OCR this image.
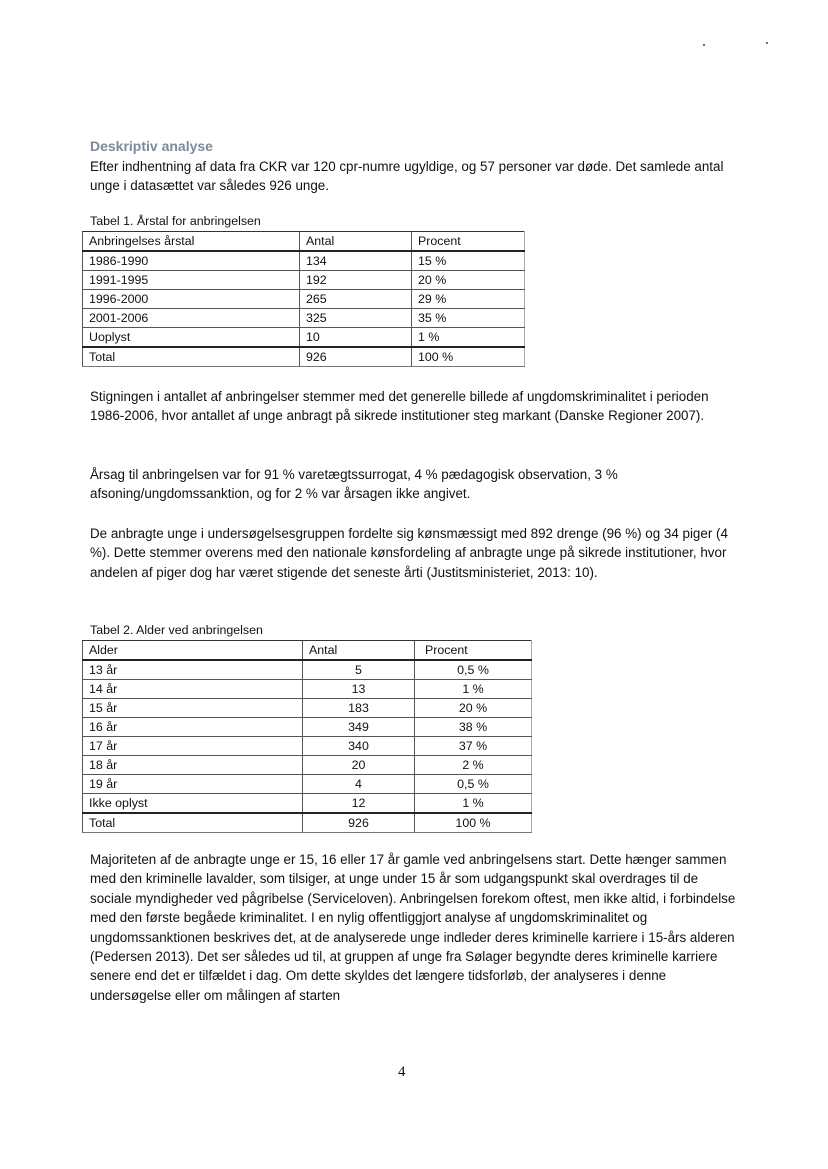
Deskriptiv analyse

Efter indhentning af data fra CKR var 120 cpr-numre ugyldige, og 57 personer var døde. Det samlede antal unge i datasættet var således 926 unge.

Tabel 1. Årstal for anbringelsen
Anbringelses årstal	Antal	Procent
1986-1990	134	15 %
1991-1995	192	20 %
1996-2000	265	29 %
2001-2006	325	35 %
Uoplyst	10	1 %
Total	926	100 %

Stigningen i antallet af anbringelser stemmer med det generelle billede af ungdomskriminalitet i perioden 1986-2006, hvor antallet af unge anbragt på sikrede institutioner steg markant (Danske Regioner 2007).

Årsag til anbringelsen var for 91 % varetægtssurrogat, 4 % pædagogisk observation, 3 % afsoning/ungdomssanktion, og for 2 % var årsagen ikke angivet.

De anbragte unge i undersøgelsesgruppen fordelte sig kønsmæssigt med 892 drenge (96 %) og 34 piger (4 %). Dette stemmer overens med den nationale kønsfordeling af anbragte unge på sikrede institutioner, hvor andelen af piger dog har været stigende det seneste årti (Justitsministeriet, 2013: 10).

Tabel 2. Alder ved anbringelsen
Alder	Antal	Procent
13 år	5	0,5 %
14 år	13	1 %
15 år	183	20 %
16 år	349	38 %
17 år	340	37 %
18 år	20	2 %
19 år	4	0,5 %
Ikke oplyst	12	1 %
Total	926	100 %

Majoriteten af de anbragte unge er 15, 16 eller 17 år gamle ved anbringelsens start. Dette hænger sammen med den kriminelle lavalder, som tilsiger, at unge under 15 år som udgangspunkt skal overdrages til de sociale myndigheder ved pågribelse (Serviceloven). Anbringelsen forekom oftest, men ikke altid, i forbindelse med den første begåede kriminalitet. I en nylig offentliggjort analyse af ungdomskriminalitet og ungdomssanktionen beskrives det, at de analyserede unge indleder deres kriminelle karriere i 15-års alderen (Pedersen 2013). Det ser således ud til, at gruppen af unge fra Sølager begyndte deres kriminelle karriere senere end det er tilfældet i dag. Om dette skyldes det længere tidsforløb, der analyseres i denne undersøgelse eller om målingen af starten

4
